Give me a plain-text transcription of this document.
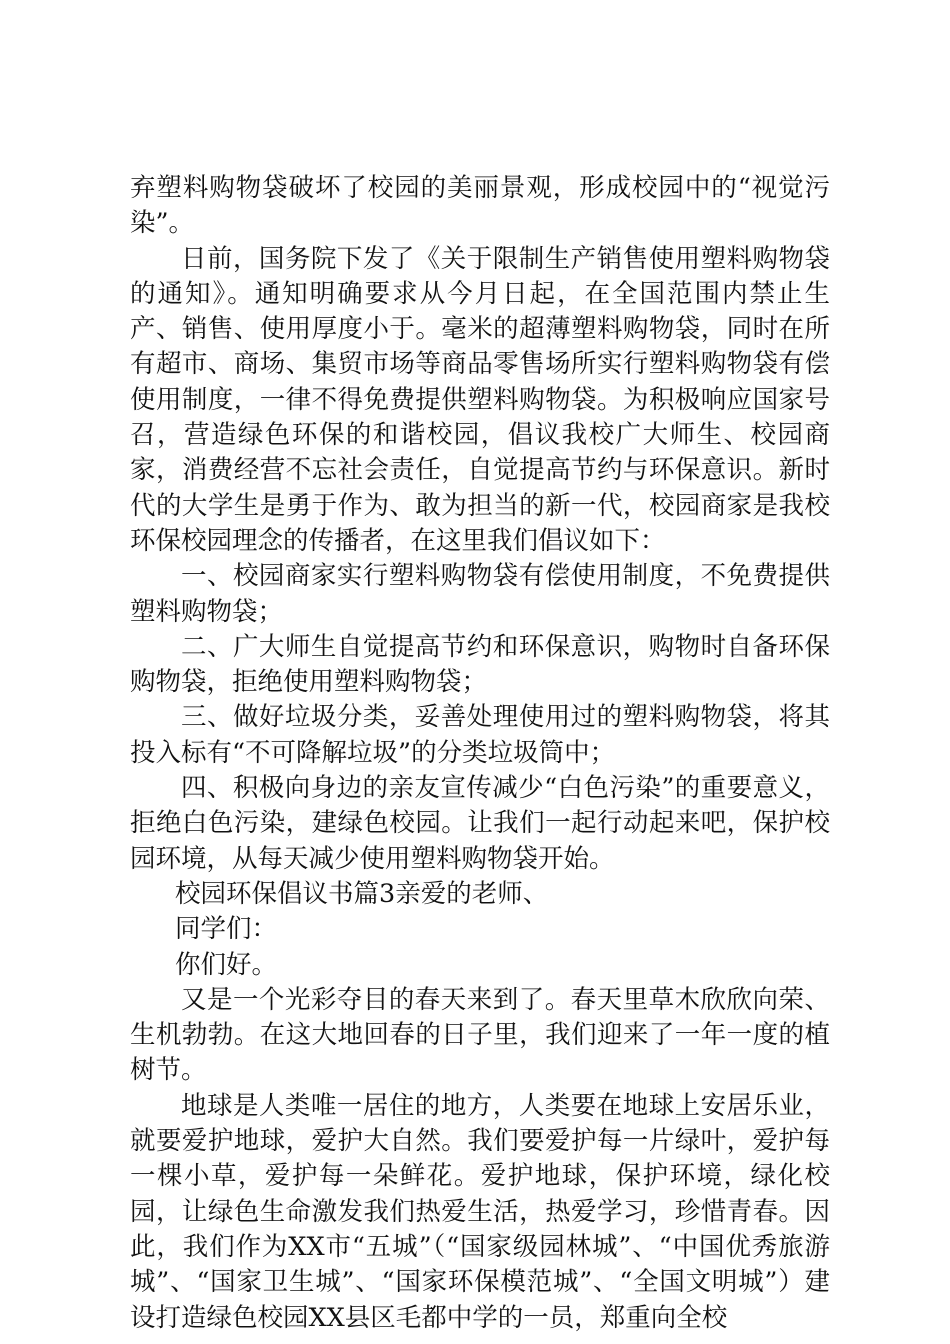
弃塑料购物袋破坏了校园的美丽景观，形成校园中的“视觉污染”。

日前，国务院下发了《关于限制生产销售使用塑料购物袋的通知》。通知明确要求从今月日起，在全国范围内禁止生产、销售、使用厚度小于。毫米的超薄塑料购物袋，同时在所有超市、商场、集贸市场等商品零售场所实行塑料购物袋有偿使用制度，一律不得免费提供塑料购物袋。为积极响应国家号召，营造绿色环保的和谐校园，倡议我校广大师生、校园商家，消费经营不忘社会责任，自觉提高节约与环保意识。新时代的大学生是勇于作为、敢为担当的新一代，校园商家是我校环保校园理念的传播者，在这里我们倡议如下：

一、校园商家实行塑料购物袋有偿使用制度，不免费提供塑料购物袋；

二、广大师生自觉提高节约和环保意识，购物时自备环保购物袋，拒绝使用塑料购物袋；

三、做好垃圾分类，妥善处理使用过的塑料购物袋，将其投入标有“不可降解垃圾”的分类垃圾筒中；

四、积极向身边的亲友宣传减少“白色污染”的重要意义，拒绝白色污染，建绿色校园。让我们一起行动起来吧，保护校园环境，从每天减少使用塑料购物袋开始。

校园环保倡议书篇3亲爱的老师、

同学们：

你们好。

又是一个光彩夺目的春天来到了。春天里草木欣欣向荣、生机勃勃。在这大地回春的日子里，我们迎来了一年一度的植树节。

地球是人类唯一居住的地方，人类要在地球上安居乐业，就要爱护地球，爱护大自然。我们要爱护每一片绿叶，爱护每一棵小草，爱护每一朵鲜花。爱护地球，保护环境，绿化校园，让绿色生命激发我们热爱生活，热爱学习，珍惜青春。因此，我们作为XX市“五城”（“国家级园林城”、“中国优秀旅游城”、“国家卫生城”、“国家环保模范城”、“全国文明城”）建设打造绿色校园XX县区毛都中学的一员，郑重向全校
